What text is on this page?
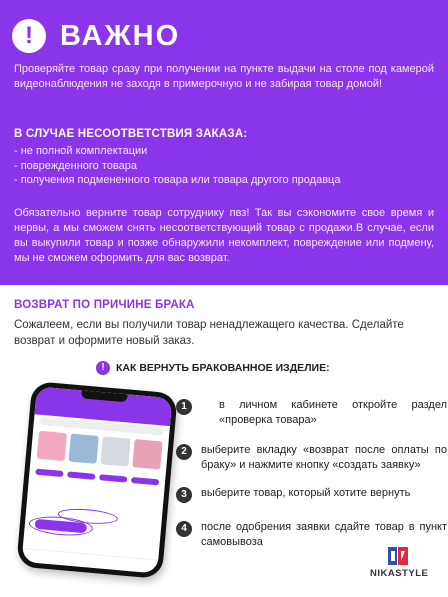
! ВАЖНО

Проверяйте товар сразу при получении на пункте выдачи на столе под камерой видеонаблюдения не заходя в примерочную и не забирая товар домой!

В СЛУЧАЕ НЕСООТВЕТСТВИЯ ЗАКАЗА:
- не полной комплектации
- поврежденного товара
- получения подмененного товара или товара другого продавца

Обязательно верните товар сотруднику пвз! Так вы сэкономите свое время и нервы, а мы сможем снять несоответствующий товар с продажи.В случае, если вы выкупили товар и позже обнаружили некомплект, повреждение или подмену, мы не сможем оформить для вас возврат.

ВОЗВРАТ ПО ПРИЧИНЕ БРАКА

Сожалеем, если вы получили товар ненадлежащего качества. Сделайте возврат и оформите новый заказ.

!	КАК ВЕРНУТЬ БРАКОВАННОЕ ИЗДЕЛИЕ:
1	в личном кабинете откройте раздел «проверка товара»
2	выберите вкладку «возврат после оплаты по браку» и нажмите кнопку «создать заявку»
3	выберите товар, который хотите вернуть
4	после одобрения заявки сдайте товар в пункт самовывоза
NIKASTYLE
